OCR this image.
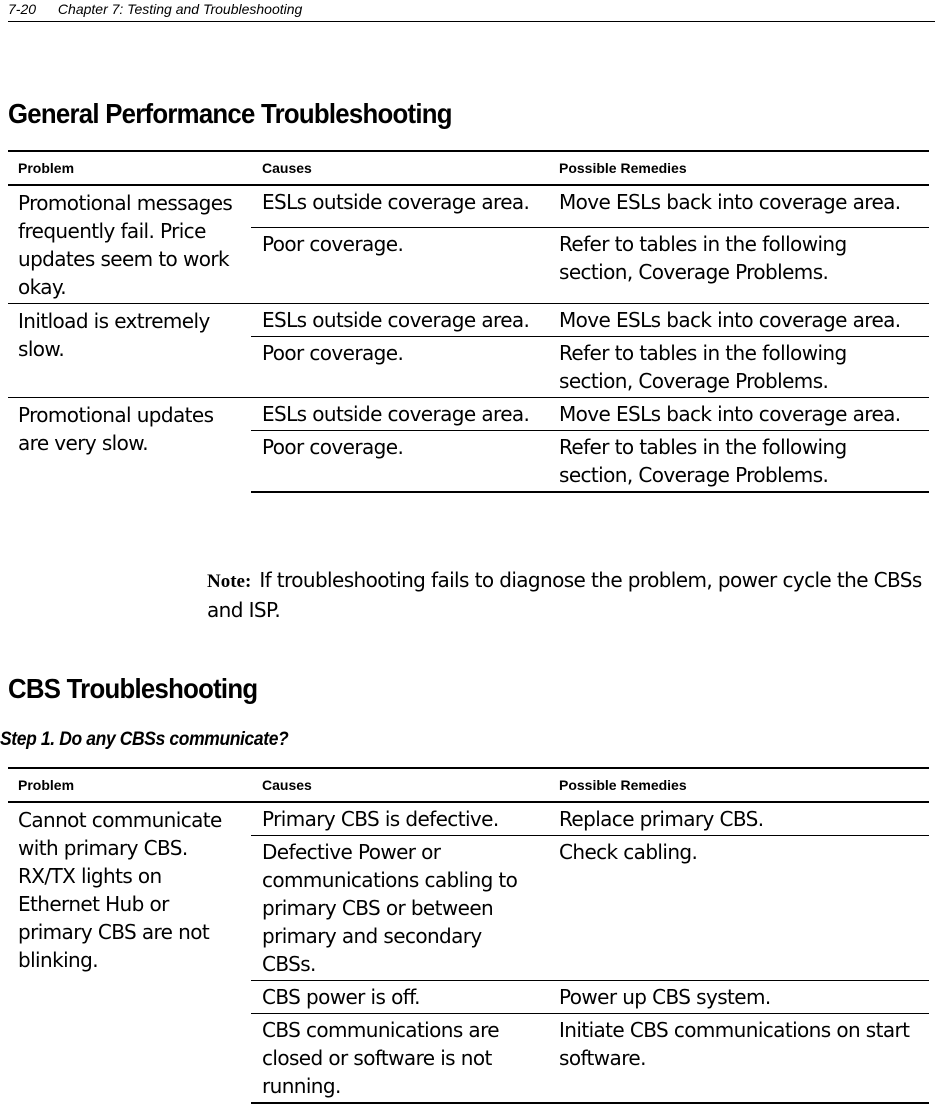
7-20 Chapter 7: Testing and Troubleshooting
General Performance Troubleshooting
Problem	Causes	Possible Remedies
Promotional messages frequently fail. Price updates seem to work okay.	ESLs outside coverage area.	Move ESLs back into coverage area.
	Poor coverage.	Refer to tables in the following section, Coverage Problems.
Initload is extremely slow.	ESLs outside coverage area.	Move ESLs back into coverage area.
	Poor coverage.	Refer to tables in the following section, Coverage Problems.
Promotional updates are very slow.	ESLs outside coverage area.	Move ESLs back into coverage area.
	Poor coverage.	Refer to tables in the following section, Coverage Problems.
Note: If troubleshooting fails to diagnose the problem, power cycle the CBSs and ISP.
CBS Troubleshooting
Step 1. Do any CBSs communicate?
Problem	Causes	Possible Remedies
Cannot communicate with primary CBS. RX/TX lights on Ethernet Hub or primary CBS are not blinking.	Primary CBS is defective.	Replace primary CBS.
	Defective Power or communications cabling to primary CBS or between primary and secondary CBSs.	Check cabling.
	CBS power is off.	Power up CBS system.
	CBS communications are closed or software is not running.	Initiate CBS communications on start software.
